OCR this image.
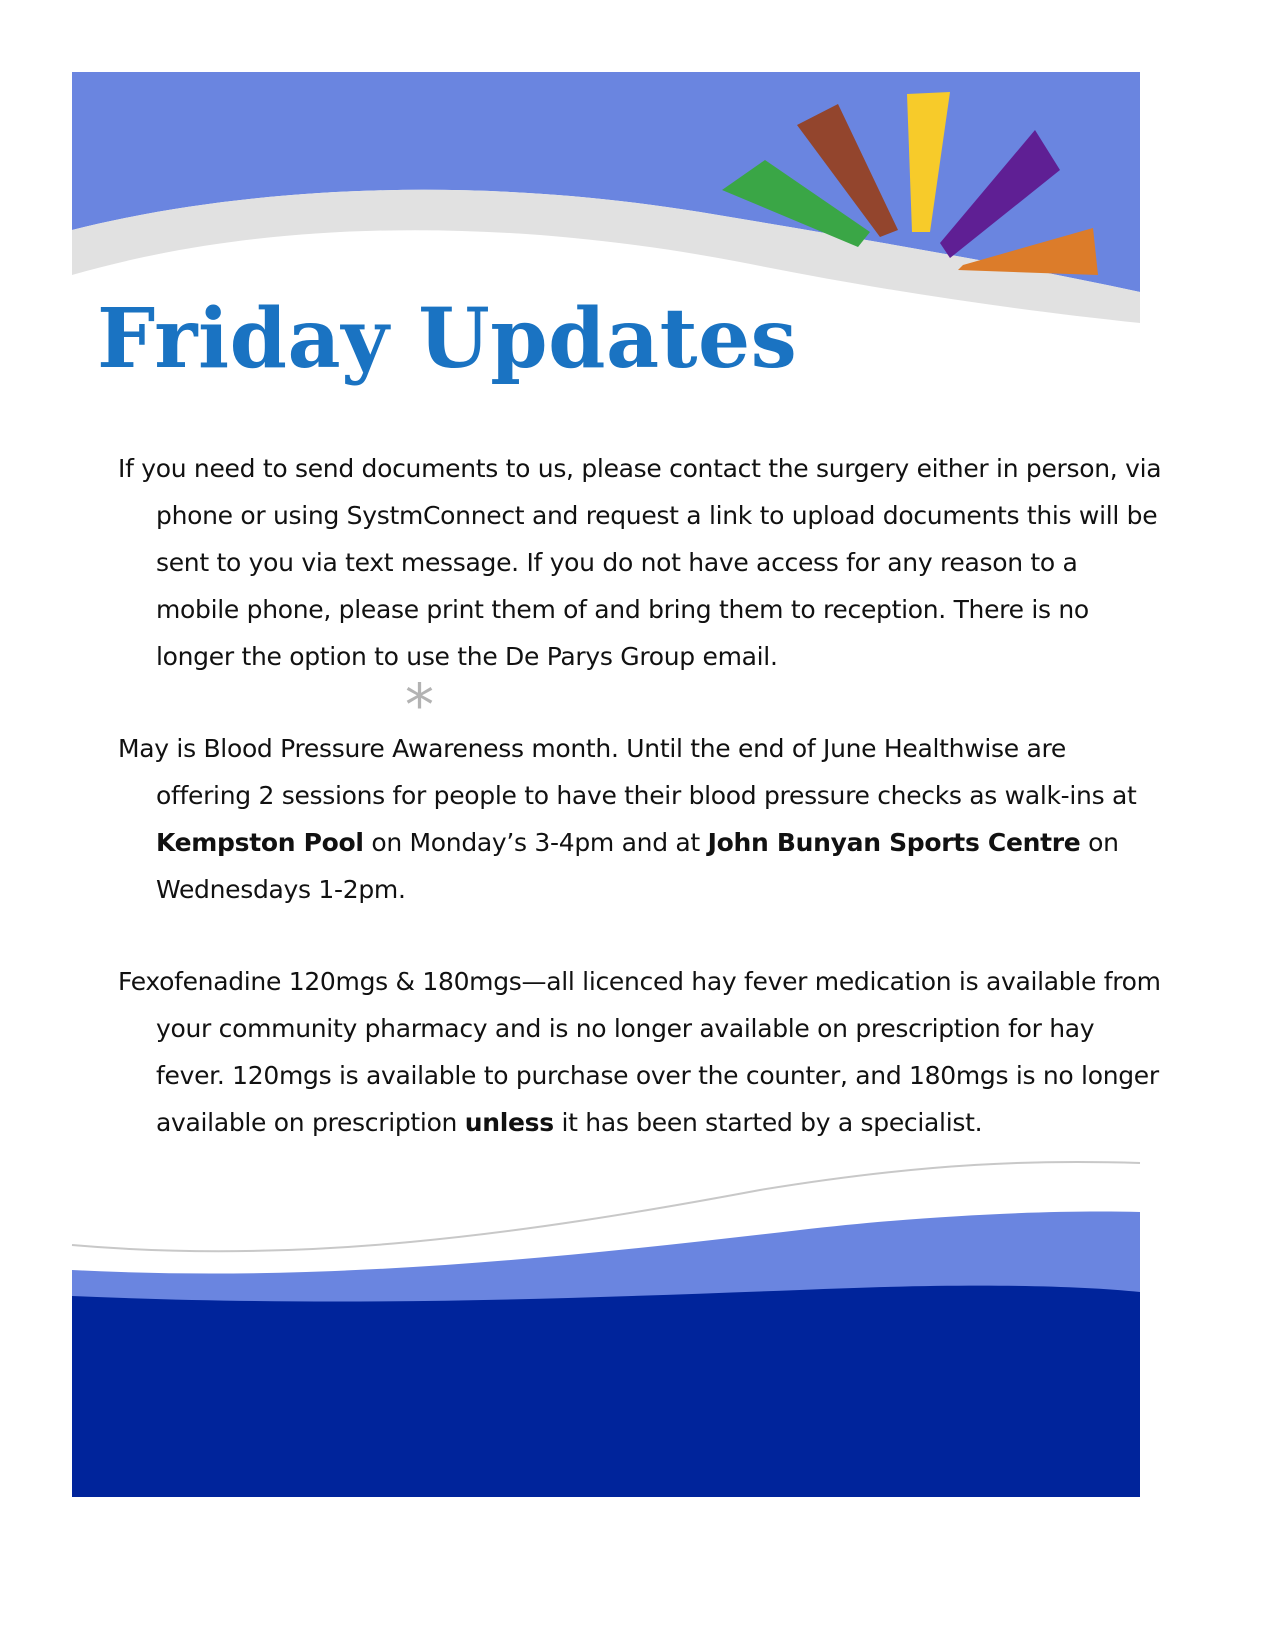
Friday Updates
*

If you need to send documents to us, please contact the surgery either in person, via phone or using SystmConnect and request a link to upload documents this will be sent to you via text message. If you do not have access for any reason to a mobile phone, please print them of and bring them to reception. There is no longer the option to use the De Parys Group email.

May is Blood Pressure Awareness month. Until the end of June Healthwise are offering 2 sessions for people to have their blood pressure checks as walk-ins at Kempston Pool on Monday’s 3-4pm and at John Bunyan Sports Centre on Wednesdays 1-2pm.

Fexofenadine 120mgs & 180mgs—all licenced hay fever medication is available from your community pharmacy and is no longer available on prescription for hay fever. 120mgs is available to purchase over the counter, and 180mgs is no longer available on prescription unless it has been started by a specialist.
